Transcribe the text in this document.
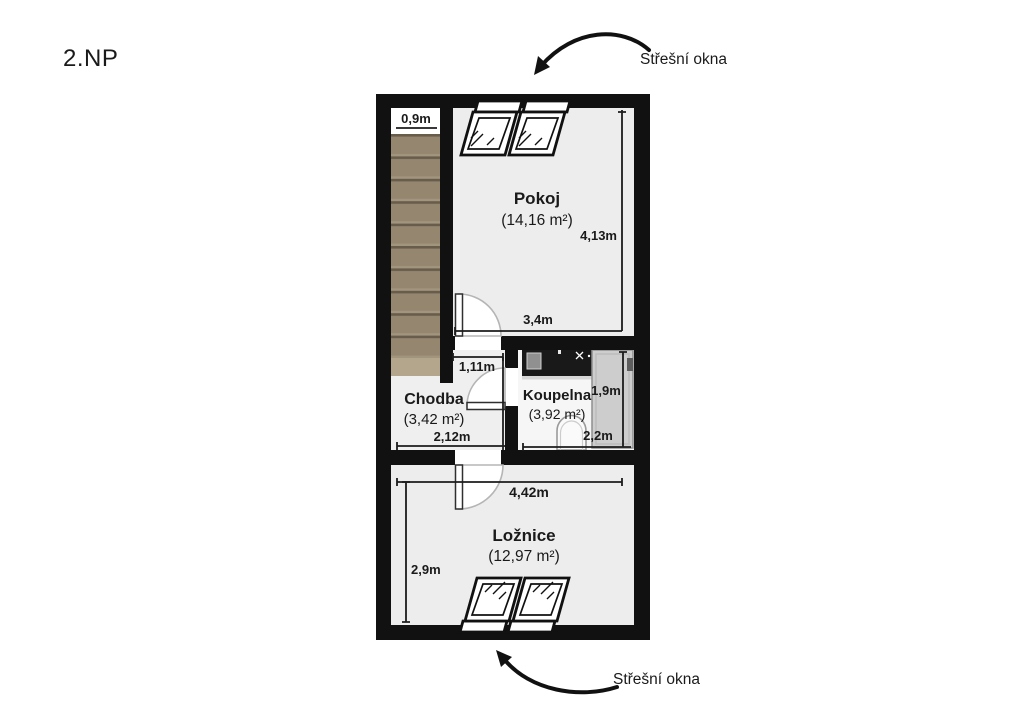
2.NP
0,9m
4,13m
3,4m
1,11m
2,12m
1,9m
2,2m
4,42m
2,9m
Pokoj
(14,16 m²)
Chodba
(3,42 m²)
Koupelna
(3,92 m²)
Ložnice
(12,97 m²)
Střešní okna
Střešní okna
